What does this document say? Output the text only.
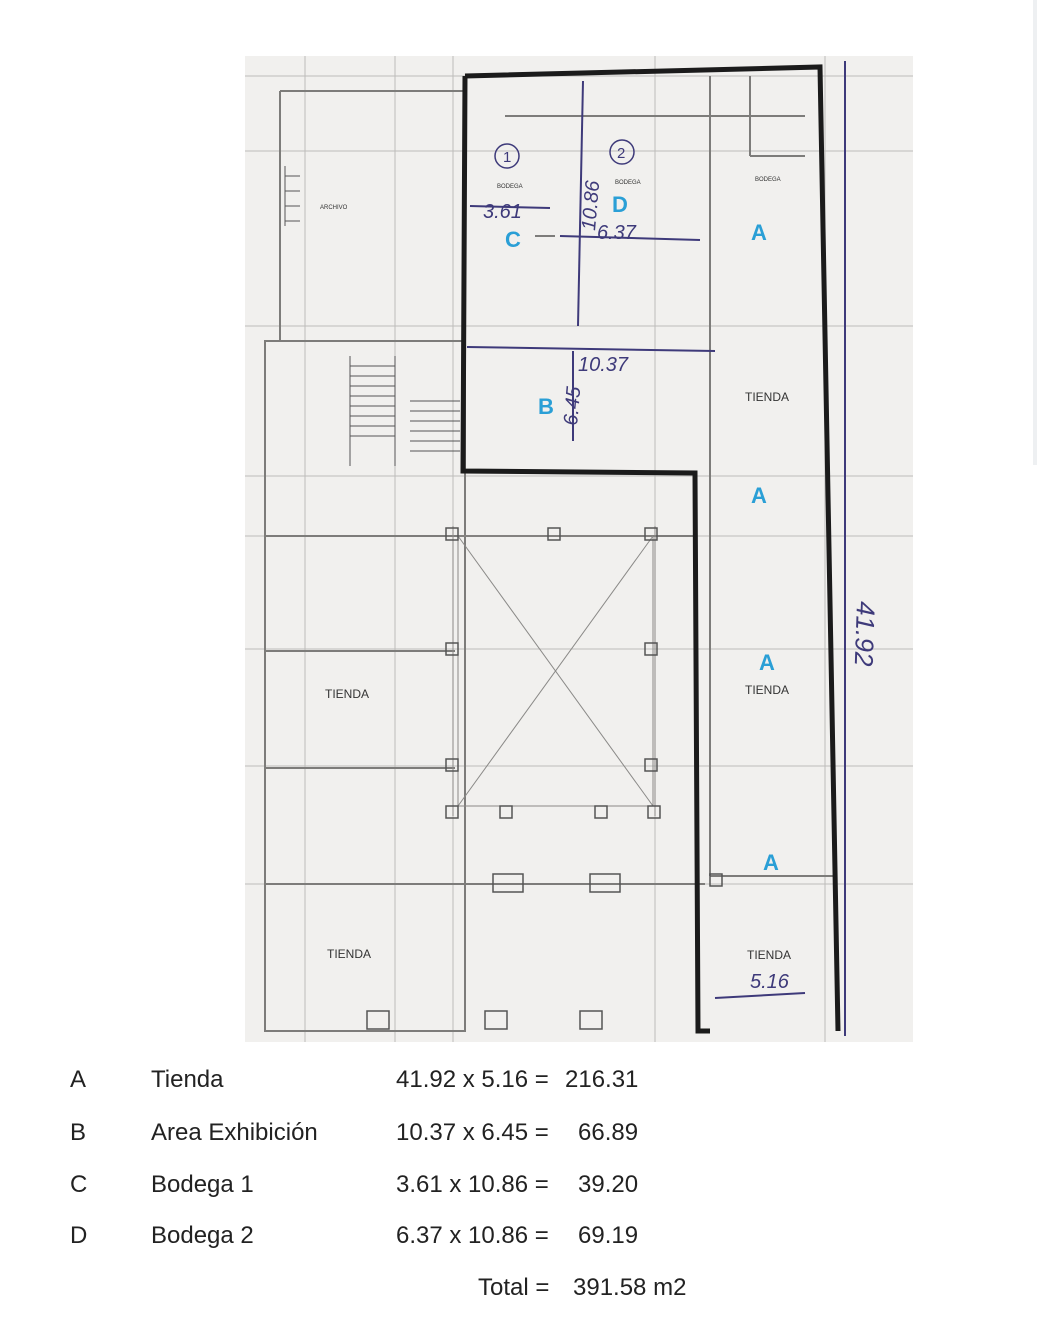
1	2
BODEGA
BODEGA	BODEGA
ARCHIVO
TIENDA
TIENDA	TIENDA
TIENDA	TIENDA
A
A
A
A
B
C
D
3.61	10.86
6.37
10.37
6.45
41.92
5.16
A	Tienda	41.92 x 5.16 = 216.31
B	Area Exhibición	10.37 x 6.45 =	66.89
C	Bodega 1	3.61 x 10.86 =	39.20
D	Bodega 2	6.37 x 10.86 =	69.19
Total = 391.58 m2
